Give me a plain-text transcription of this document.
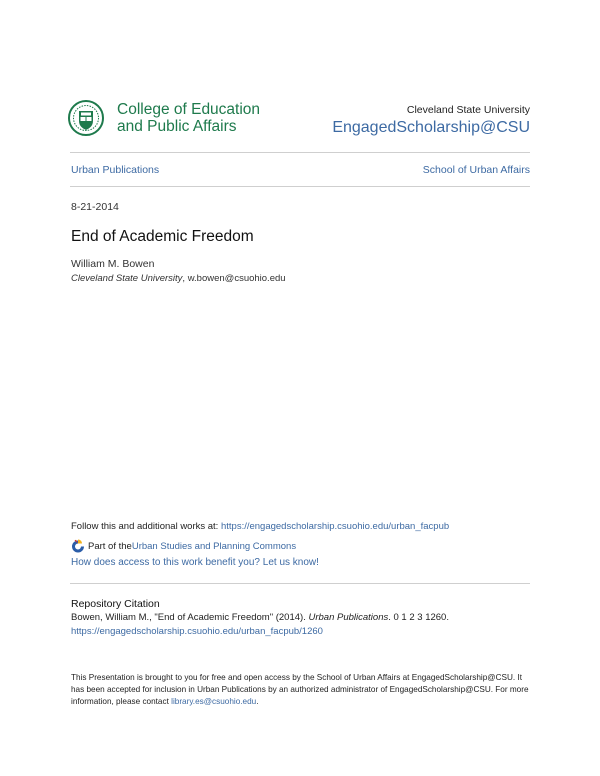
College of Education
and Public Affairs
Cleveland State University
EngagedScholarship@CSU
Urban Publications	School of Urban Affairs
8-21-2014
End of Academic Freedom
William M. Bowen
Cleveland State University, w.bowen@csuohio.edu
Follow this and additional works at: https://engagedscholarship.csuohio.edu/urban_facpub
Part of the Urban Studies and Planning Commons
How does access to this work benefit you? Let us know!
Repository Citation
Bowen, William M., "End of Academic Freedom" (2014). Urban Publications. 0 1 2 3 1260.
https://engagedscholarship.csuohio.edu/urban_facpub/1260
This Presentation is brought to you for free and open access by the School of Urban Affairs at EngagedScholarship@CSU. It has been accepted for inclusion in Urban Publications by an authorized administrator of EngagedScholarship@CSU. For more information, please contact library.es@csuohio.edu.
